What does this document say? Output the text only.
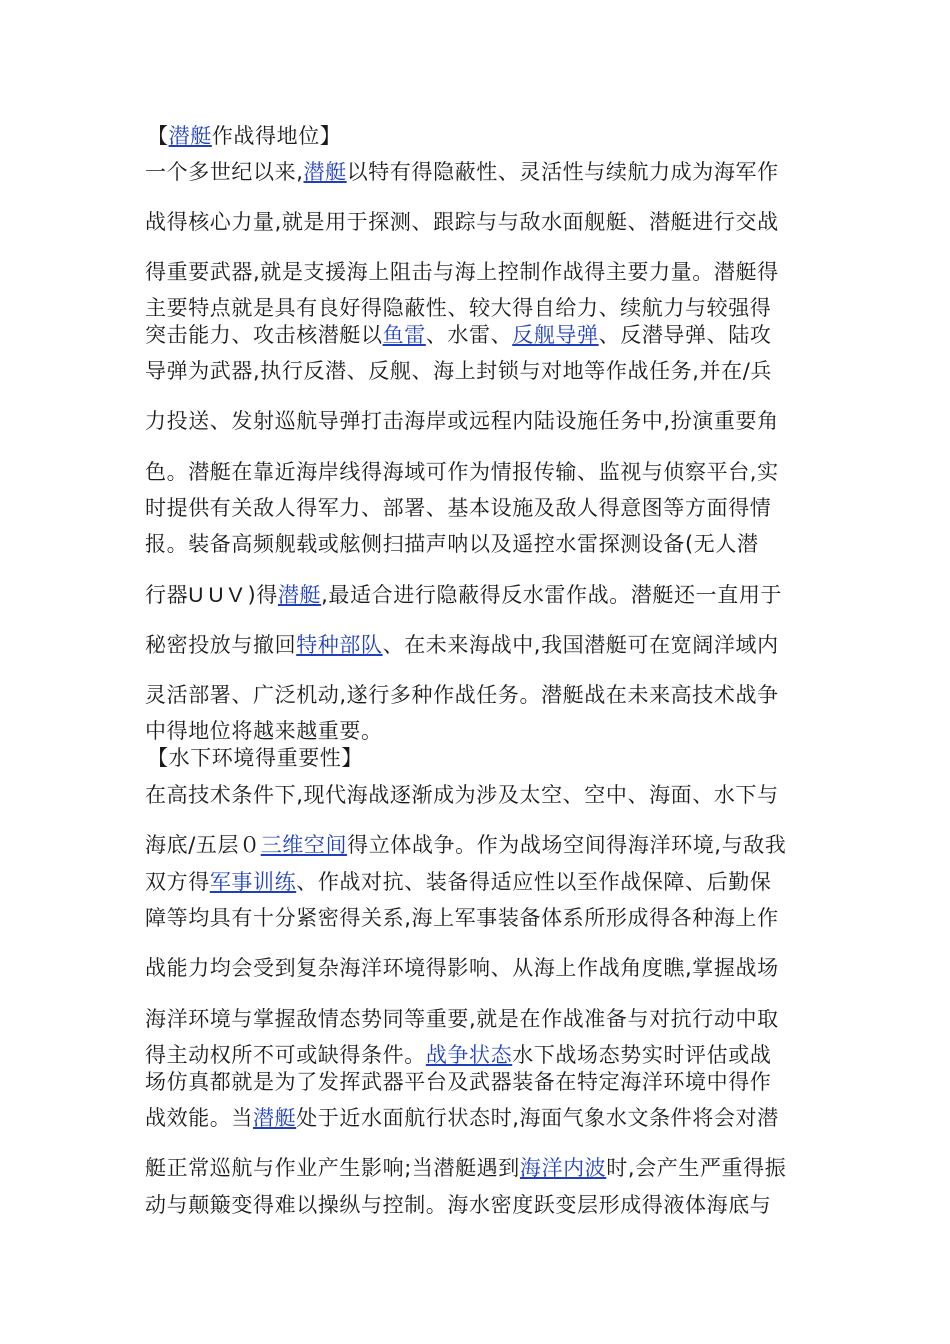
【潜艇作战得地位】
一个多世纪以来,潜艇以特有得隐蔽性、灵活性与续航力成为海军作
战得核心力量,就是用于探测、跟踪与与敌水面舰艇、潜艇进行交战
得重要武器,就是支援海上阻击与海上控制作战得主要力量。潜艇得
主要特点就是具有良好得隐蔽性、较大得自给力、续航力与较强得
突击能力、攻击核潜艇以鱼雷、水雷、反舰导弹、反潜导弹、陆攻
导弹为武器,执行反潜、反舰、海上封锁与对地等作战任务,并在/兵
力投送、发射巡航导弹打击海岸或远程内陆设施任务中,扮演重要角
色。潜艇在靠近海岸线得海域可作为情报传输、监视与侦察平台,实
时提供有关敌人得军力、部署、基本设施及敌人得意图等方面得情
报。装备高频舰载或舷侧扫描声呐以及遥控水雷探测设备(无人潜
行器UUV)得潜艇,最适合进行隐蔽得反水雷作战。潜艇还一直用于
秘密投放与撤回特种部队、在未来海战中,我国潜艇可在宽阔洋域内
灵活部署、广泛机动,遂行多种作战任务。潜艇战在未来高技术战争
中得地位将越来越重要。
【水下环境得重要性】
在高技术条件下,现代海战逐渐成为涉及太空、空中、海面、水下与
海底/五层０三维空间得立体战争。作为战场空间得海洋环境,与敌我
双方得军事训练、作战对抗、装备得适应性以至作战保障、后勤保
障等均具有十分紧密得关系,海上军事装备体系所形成得各种海上作
战能力均会受到复杂海洋环境得影响、从海上作战角度瞧,掌握战场
海洋环境与掌握敌情态势同等重要,就是在作战准备与对抗行动中取
得主动权所不可或缺得条件。战争状态水下战场态势实时评估或战
场仿真都就是为了发挥武器平台及武器装备在特定海洋环境中得作
战效能。当潜艇处于近水面航行状态时,海面气象水文条件将会对潜
艇正常巡航与作业产生影响;当潜艇遇到海洋内波时,会产生严重得振
动与颠簸变得难以操纵与控制。海水密度跃变层形成得液体海底与
